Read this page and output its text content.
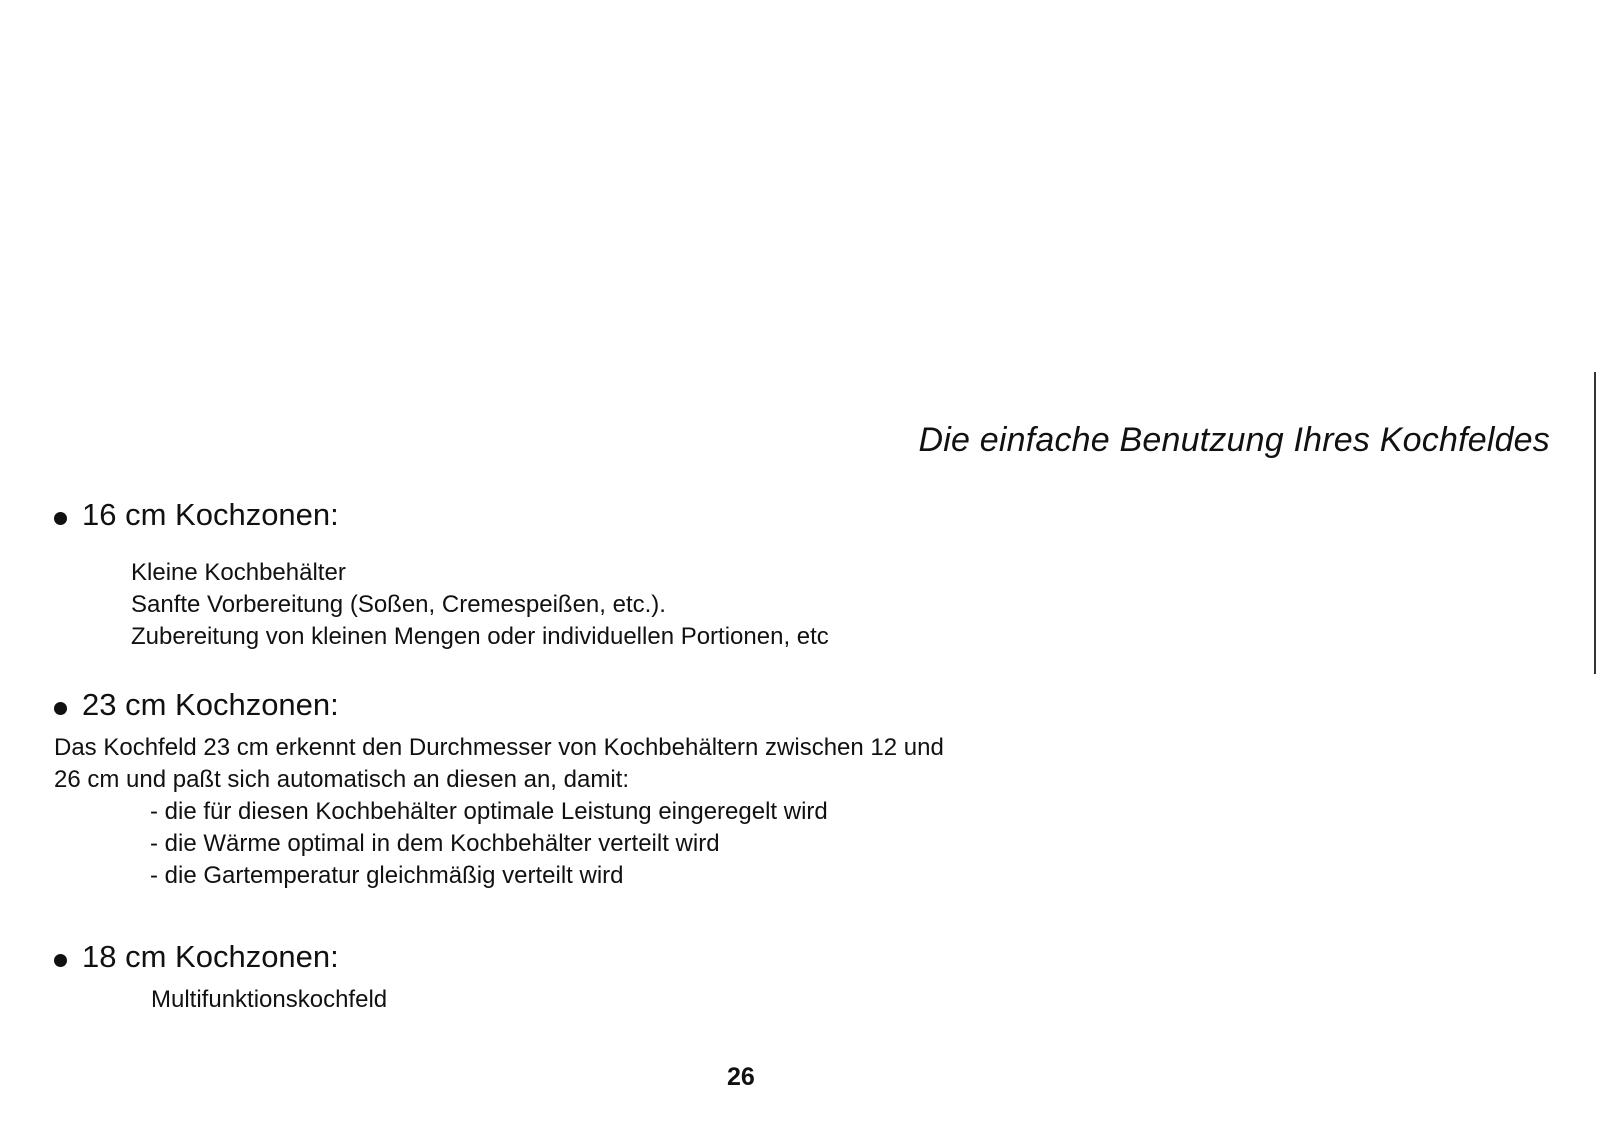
Die einfache Benutzung Ihres Kochfeldes
16 cm Kochzonen:
Kleine Kochbehälter
Sanfte Vorbereitung (Soßen, Cremespeißen, etc.).
Zubereitung von kleinen Mengen oder individuellen Portionen, etc
23 cm Kochzonen:
Das Kochfeld 23 cm erkennt den Durchmesser von Kochbehältern zwischen 12 und
26 cm und paßt sich automatisch an diesen an, damit:
- die für diesen Kochbehälter optimale Leistung eingeregelt wird
- die Wärme optimal in dem Kochbehälter verteilt wird
- die Gartemperatur gleichmäßig verteilt wird
18 cm Kochzonen:
Multifunktionskochfeld
26
